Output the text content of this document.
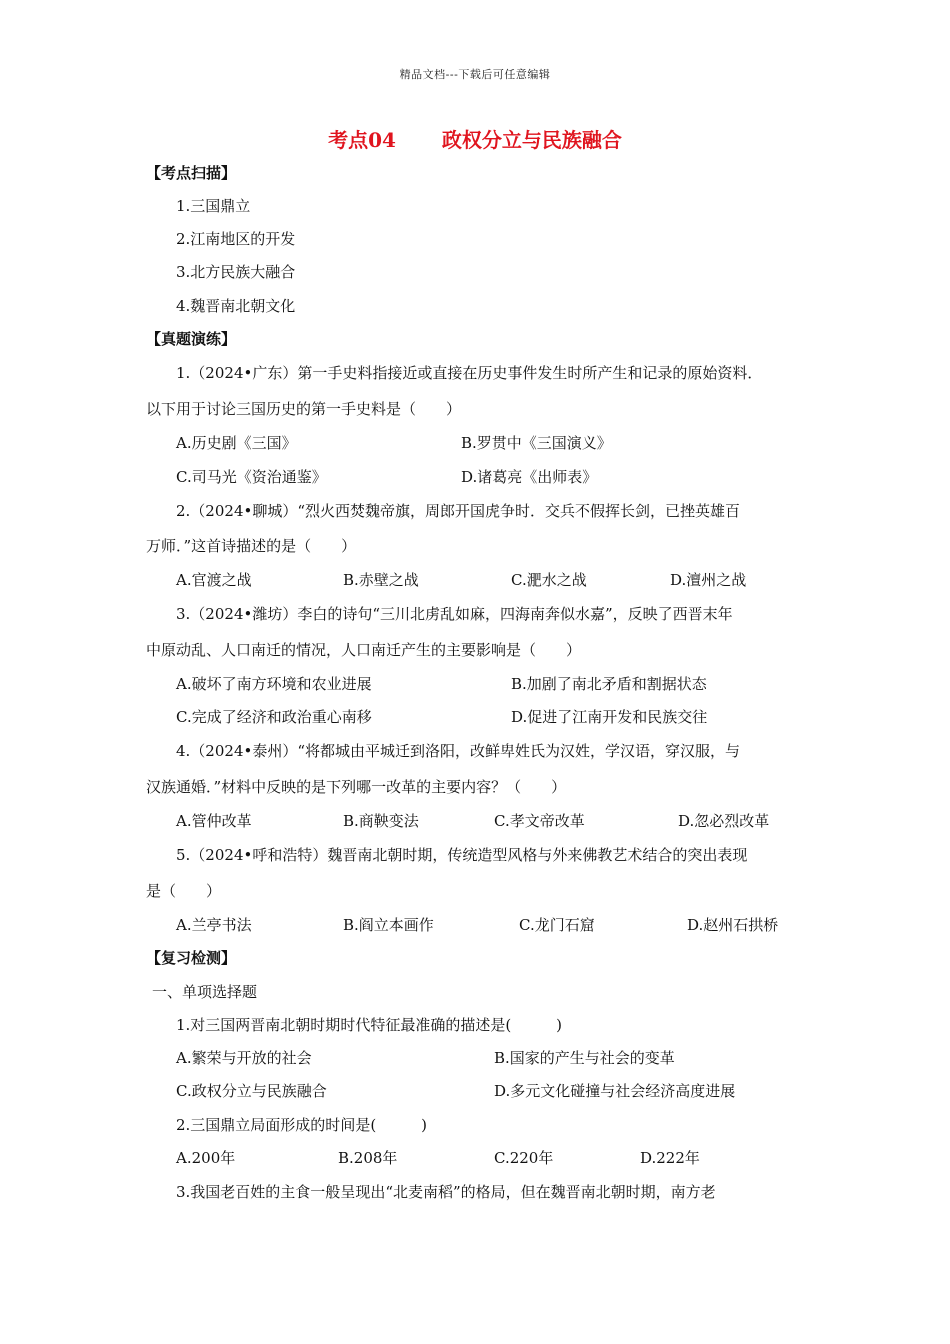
精品文档---下载后可任意编辑
考点04 政权分立与民族融合
【考点扫描】
1.三国鼎立
2.江南地区的开发
3.北方民族大融合
4.魏晋南北朝文化
【真题演练】
1.（2024•广东）第一手史料指接近或直接在历史事件发生时所产生和记录的原始资料．
以下用于讨论三国历史的第一手史料是（　　）
A.历史剧《三国》	B.罗贯中《三国演义》
C.司马光《资治通鉴》	D.诸葛亮《出师表》
2.（2024•聊城）“烈火西焚魏帝旗，周郎开国虎争时．交兵不假挥长剑，已挫英雄百
万师．”这首诗描述的是（　　）
A.官渡之战	B.赤壁之战	C.淝水之战	D.澶州之战
3.（2024•潍坊）李白的诗句“三川北虏乱如麻，四海南奔似水嘉”，反映了西晋末年
中原动乱、人口南迁的情况，人口南迁产生的主要影响是（　　）
A.破坏了南方环境和农业进展	B.加剧了南北矛盾和割据状态
C.完成了经济和政治重心南移	D.促进了江南开发和民族交往
4.（2024•泰州）“将都城由平城迁到洛阳，改鲜卑姓氏为汉姓，学汉语，穿汉服，与
汉族通婚．”材料中反映的是下列哪一改革的主要内容？（　　）
A.管仲改革	B.商鞅变法	C.孝文帝改革	D.忽必烈改革
5.（2024•呼和浩特）魏晋南北朝时期，传统造型风格与外来佛教艺术结合的突出表现
是（　　）
A.兰亭书法	B.阎立本画作	C.龙门石窟	D.赵州石拱桥
【复习检测】
一、单项选择题
1.对三国两晋南北朝时期时代特征最准确的描述是(　　　)
A.繁荣与开放的社会	B.国家的产生与社会的变革
C.政权分立与民族融合	D.多元文化碰撞与社会经济高度进展
2.三国鼎立局面形成的时间是(　　　)
A.200年	B.208年	C.220年	D.222年
3.我国老百姓的主食一般呈现出“北麦南稻”的格局，但在魏晋南北朝时期，南方老
